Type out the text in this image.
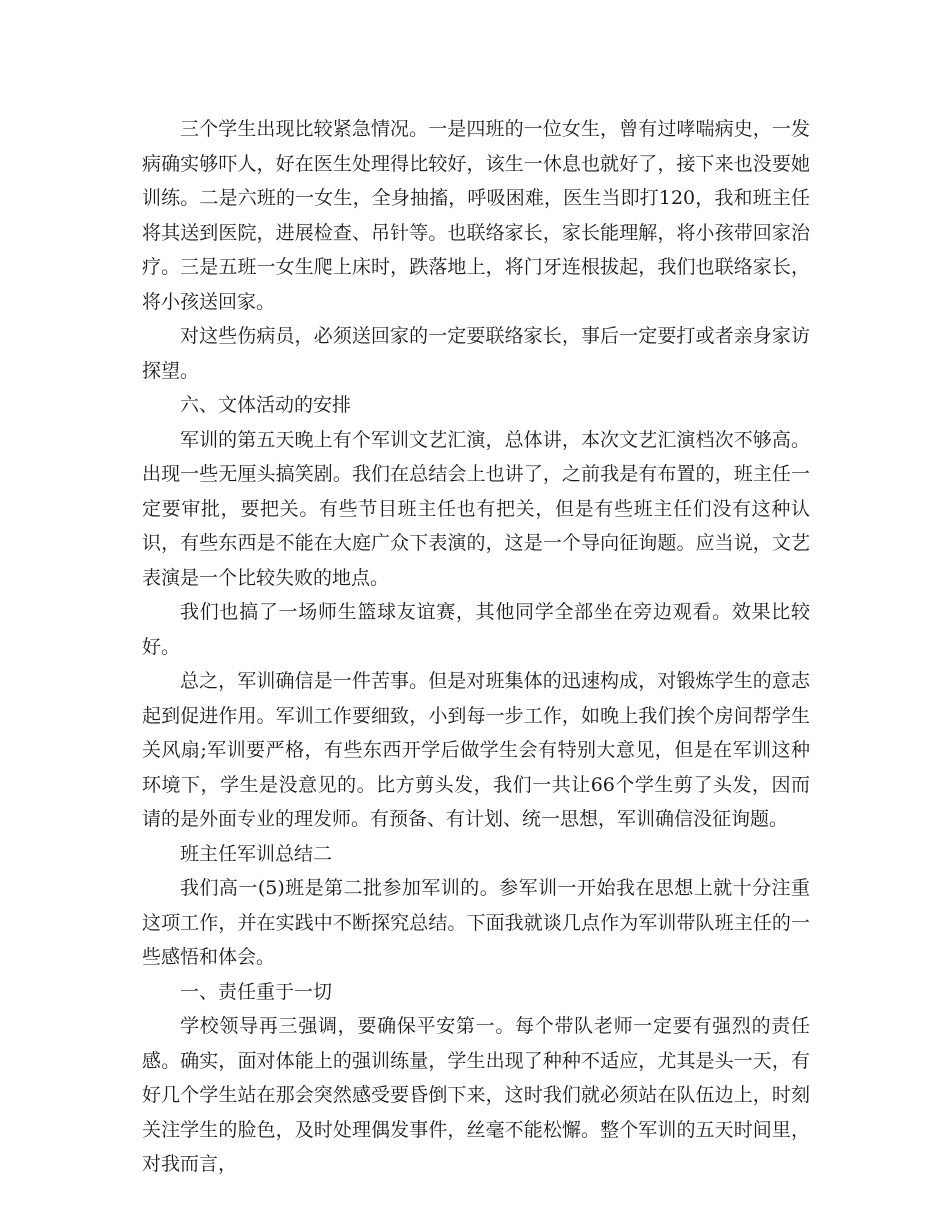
三个学生出现比较紧急情况。一是四班的一位女生，曾有过哮喘病史，一发病确实够吓人，好在医生处理得比较好，该生一休息也就好了，接下来也没要她训练。二是六班的一女生，全身抽搐，呼吸困难，医生当即打120，我和班主任将其送到医院，进展检查、吊针等。也联络家长，家长能理解，将小孩带回家治疗。三是五班一女生爬上床时，跌落地上，将门牙连根拔起，我们也联络家长，将小孩送回家。

对这些伤病员，必须送回家的一定要联络家长，事后一定要打或者亲身家访探望。

六、文体活动的安排

军训的第五天晚上有个军训文艺汇演，总体讲，本次文艺汇演档次不够高。出现一些无厘头搞笑剧。我们在总结会上也讲了，之前我是有布置的，班主任一定要审批，要把关。有些节目班主任也有把关，但是有些班主任们没有这种认识，有些东西是不能在大庭广众下表演的，这是一个导向征询题。应当说，文艺表演是一个比较失败的地点。

我们也搞了一场师生篮球友谊赛，其他同学全部坐在旁边观看。效果比较好。

总之，军训确信是一件苦事。但是对班集体的迅速构成，对锻炼学生的意志起到促进作用。军训工作要细致，小到每一步工作，如晚上我们挨个房间帮学生关风扇;军训要严格，有些东西开学后做学生会有特别大意见，但是在军训这种环境下，学生是没意见的。比方剪头发，我们一共让66个学生剪了头发，因而请的是外面专业的理发师。有预备、有计划、统一思想，军训确信没征询题。

班主任军训总结二

我们高一(5)班是第二批参加军训的。参军训一开始我在思想上就十分注重这项工作，并在实践中不断探究总结。下面我就谈几点作为军训带队班主任的一些感悟和体会。

一、责任重于一切

学校领导再三强调，要确保平安第一。每个带队老师一定要有强烈的责任感。确实，面对体能上的强训练量，学生出现了种种不适应，尤其是头一天，有好几个学生站在那会突然感受要昏倒下来，这时我们就必须站在队伍边上，时刻关注学生的脸色，及时处理偶发事件，丝毫不能松懈。整个军训的五天时间里，对我而言，
